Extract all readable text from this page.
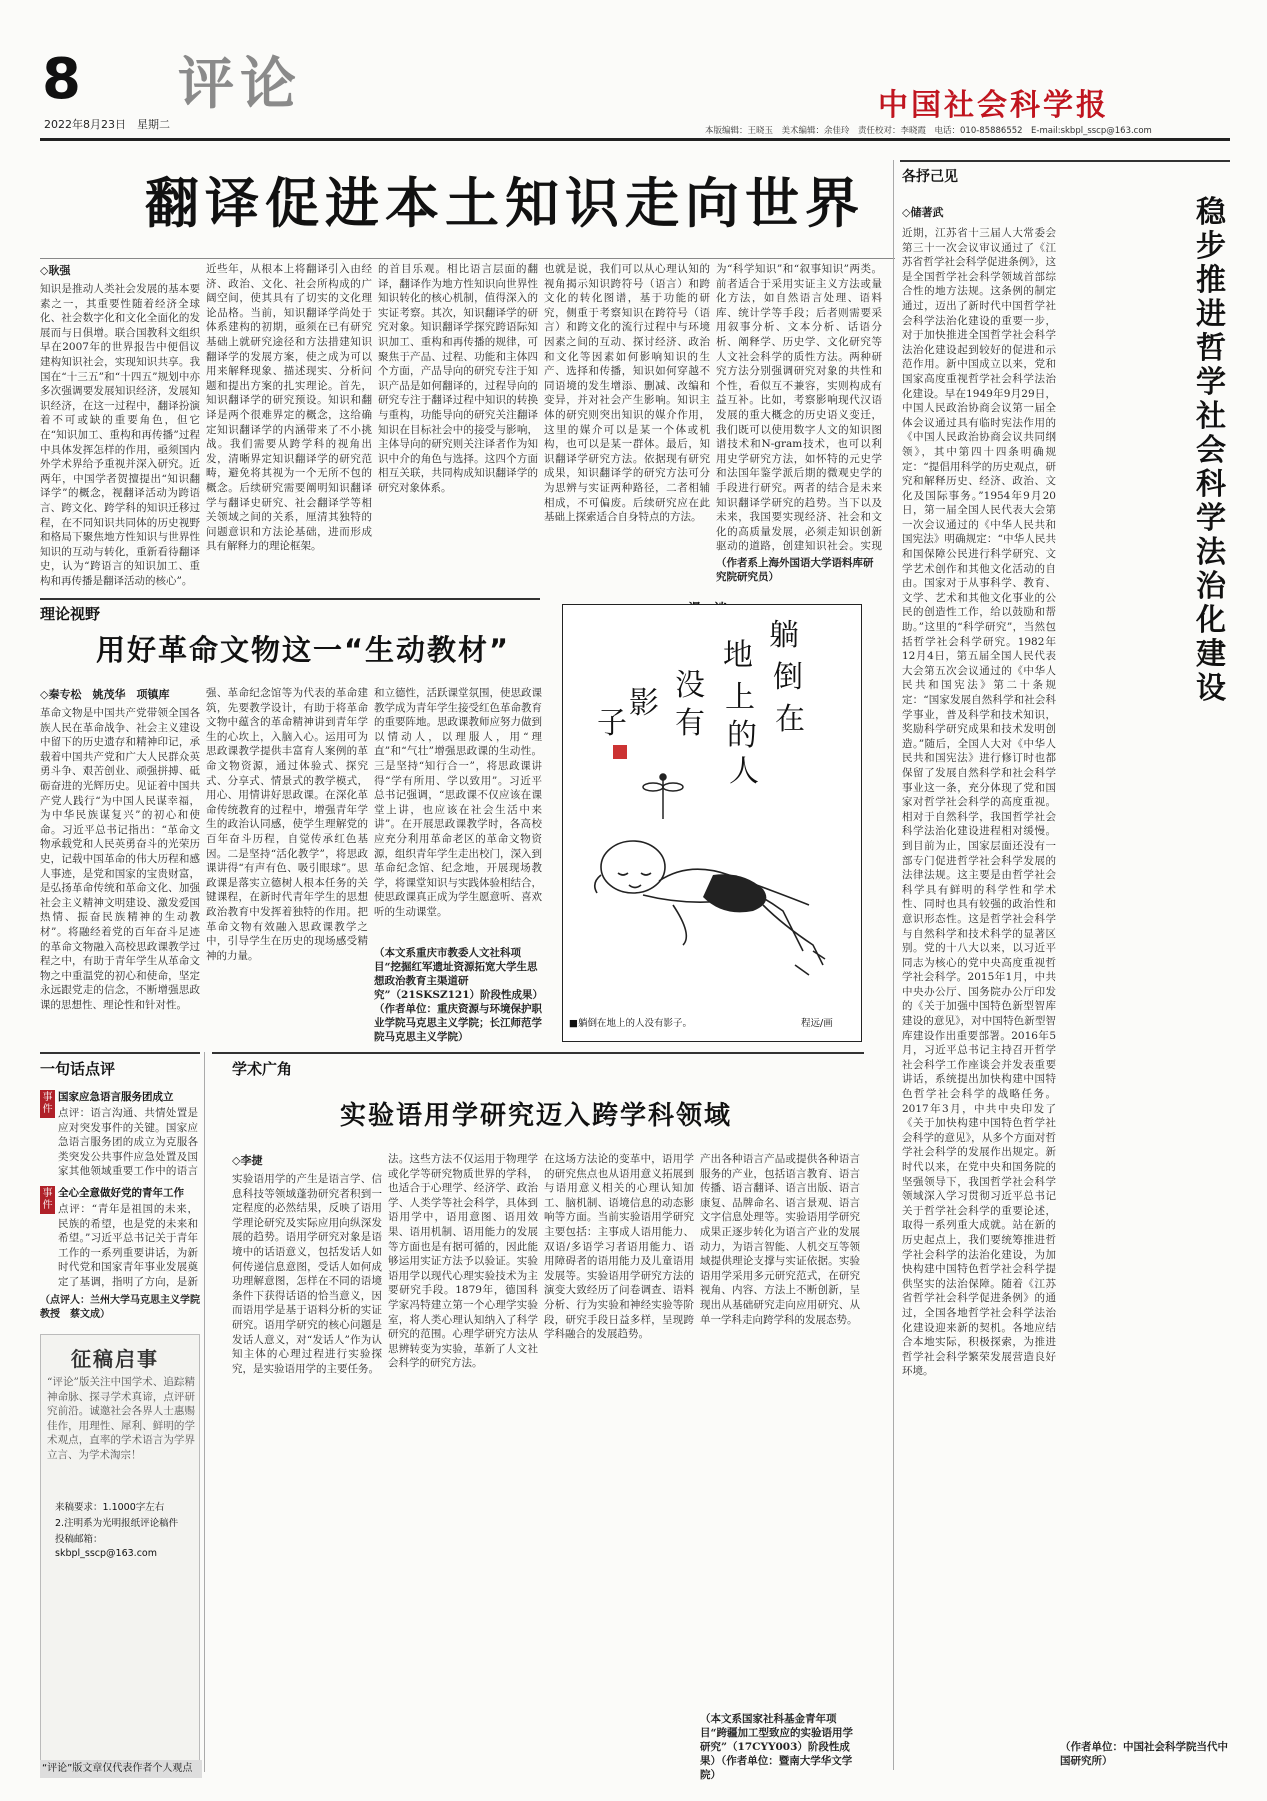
8 评论
2022年8月23日　星期二
中国社会科学报
本版编辑：王晓玉　美术编辑：余佳玲　责任校对：李晓霞　电话：010-85886552　E-mail:skbpl_sscp@163.com
翻译促进本土知识走向世界
◇耿强
知识是推动人类社会发展的基本要素之一，其重要性随着经济全球化、社会数字化和文化全面化的发展而与日俱增。联合国教科文组织早在2007年的世界报告中便倡议建构知识社会，实现知识共享。我国在“十三五”和“十四五”规划中亦多次强调要发展知识经济，发展知识经济，在这一过程中，翻译扮演着不可或缺的重要角色，但它在“知识加工、重构和再传播”过程中具体发挥怎样的作用，亟须国内外学术界给予重视并深入研究。近两年，中国学者贺擅提出“知识翻译学”的概念，视翻译活动为跨语言、跨文化、跨学科的知识迁移过程，在不同知识共同体的历史视野和格局下聚焦地方性知识与世界性知识的互动与转化，重新看待翻译史，认为“跨语言的知识加工、重构和再传播是翻译活动的核心”。
近些年，从根本上将翻译引入由经济、政治、文化、社会所构成的广阔空间，使其具有了切实的文化理论品格。当前，知识翻译学尚处于体系建构的初期，亟须在已有研究基础上就研究途径和方法措建知识翻译学的发展方案，使之成为可以用来解释现象、描述现实、分析问题和提出方案的扎实理论。首先，知识翻译学的研究预设。知识和翻译是两个很难界定的概念，这给确定知识翻译学的内涵带来了不小挑战。我们需要从跨学科的视角出发，清晰界定知识翻译学的研究范畴，避免将其视为一个无所不包的概念。后续研究需要阐明知识翻译学与翻译史研究、社会翻译学等相关领域之间的关系，厘清其独特的问题意识和方法论基础，进而形成具有解释力的理论框架。
的首目乐观。相比语言层面的翻译，翻译作为地方性知识向世界性知识转化的核心机制，值得深入的实证考察。其次，知识翻译学的研究对象。知识翻译学探究跨语际知识加工、重构和再传播的规律，可聚焦于产品、过程、功能和主体四个方面，产品导向的研究专注于知识产品是如何翻译的，过程导向的研究专注于翻译过程中知识的转换与重构，功能导向的研究关注翻译知识在目标社会中的接受与影响，主体导向的研究则关注译者作为知识中介的角色与选择。这四个方面相互关联，共同构成知识翻译学的研究对象体系。
也就是说，我们可以从心理认知的视角揭示知识跨符号（语言）和跨文化的转化图谱，基于功能的研究，侧重于考察知识在跨符号（语言）和跨文化的流行过程中与环境因素之间的互动、探讨经济、政治和文化等因素如何影响知识的生产、选择和传播，知识如何穿越不同语境的发生增添、删减、改编和变异，并对社会产生影响。知识主体的研究则突出知识的媒介作用，这里的媒介可以是某一个体或机构，也可以是某一群体。最后，知识翻译学研究方法。依据现有研究成果，知识翻译学的研究方法可分为思辨与实证两种路径，二者相辅相成，不可偏废。后续研究应在此基础上探索适合自身特点的方法。
为“科学知识”和“叙事知识”两类。前者适合于采用实证主义方法或量化方法，如自然语言处理、语料库、统计学等手段；后者则需要采用叙事分析、文本分析、话语分析、阐释学、历史学、文化研究等人文社会科学的质性方法。两种研究方法分别强调研究对象的共性和个性，看似互不兼容，实则构成有益互补。比如，考察影响现代汉语发展的重大概念的历史语义变迁，我们既可以使用数字人文的知识图谱技术和N-gram技术，也可以利用史学研究方法，如怀特的元史学和法国年鉴学派后期的微观史学的手段进行研究。两者的结合是未来知识翻译学研究的趋势。当下以及未来，我国要实现经济、社会和文化的高质量发展，必须走知识创新驱动的道路，创建知识社会。实现
（作者系上海外国语大学语料库研究院研究员）
理论视野
用好革命文物这一“生动教材”
◇秦专松　姚茂华　项镇库
革命文物是中国共产党带领全国各族人民在革命战争、社会主义建设中留下的历史遗存和精神印记，承载着中国共产党和广大人民群众英勇斗争、艰苦创业、顽强拼搏、砥砺奋进的光辉历史。见证着中国共产党人践行“为中国人民谋幸福，为中华民族谋复兴”的初心和使命。习近平总书记指出：“革命文物承载党和人民英勇奋斗的光荣历史，记载中国革命的伟大历程和感人事迹，是党和国家的宝贵财富，是弘扬革命传统和革命文化、加强社会主义精神文明建设、激发爱国热情、振奋民族精神的生动教材”。将融经着党的百年奋斗足迹的革命文物融入高校思政课教学过程之中，有助于青年学生从革命文物之中重温党的初心和使命，坚定永远跟党走的信念，不断增强思政课的思想性、理论性和针对性。
强、革命纪念馆等为代表的革命建筑，先要教学设计，有助于将革命文物中蕴含的革命精神讲到青年学生的心坎上，入脑入心。运用可为思政课教学提供丰富育人案例的革命文物资源，通过体验式、探究式、分享式、情景式的教学模式，用心、用情讲好思政课。在深化革命传统教育的过程中，增强青年学生的政治认同感，使学生理解党的百年奋斗历程，自觉传承红色基因。二是坚持“活化教学”，将思政课讲得“有声有色、吸引眼球”。思政课是落实立德树人根本任务的关键课程，在新时代青年学生的思想政治教育中发挥着独特的作用。把革命文物有效融入思政课教学之中，引导学生在历史的现场感受精神的力量。
和立德性，活跃课堂氛围，使思政课教学成为青年学生接受红色革命教育的重要阵地。思政课教师应努力做到以情动人，以理服人，用“理直”和“气壮”增强思政课的生动性。三是坚持“知行合一”，将思政课讲得“学有所用、学以致用”。习近平总书记强调，“思政课不仅应该在课堂上讲，也应该在社会生活中来讲”。在开展思政课教学时，各高校应充分利用革命老区的革命文物资源，组织青年学生走出校门，深入到革命纪念馆、纪念地，开展现场教学，将课堂知识与实践体验相结合，使思政课真正成为学生愿意听、喜欢听的生动课堂。
（本文系重庆市教委人文社科项目“挖掘红军遗址资源拓宽大学生思想政治教育主渠道研究”（21SKSZ121）阶段性成果）（作者单位：重庆资源与环境保护职业学院马克思主义学院；长江师范学院马克思主义学院）
躺
倒
在
地
上
的
人
没
有
影
子
■躺倒在地上的人没有影子。	程远/画
各抒己见
◇储著武	稳步推进哲学社会科学法治化建设
近期，江苏省十三届人大常委会第三十一次会议审议通过了《江苏省哲学社会科学促进条例》，这是全国哲学社会科学领域首部综合性的地方法规。这条例的制定通过，迈出了新时代中国哲学社会科学法治化建设的重要一步，对于加快推进全国哲学社会科学法治化建设起到较好的促进和示范作用。新中国成立以来，党和国家高度重视哲学社会科学法治化建设。早在1949年9月29日，中国人民政治协商会议第一届全体会议通过具有临时宪法作用的《中国人民政治协商会议共同纲领》，其中第四十四条明确规定：“提倡用科学的历史观点，研究和解释历史、经济、政治、文化及国际事务。”1954年9月20日，第一届全国人民代表大会第一次会议通过的《中华人民共和国宪法》明确规定：“中华人民共和国保障公民进行科学研究、文学艺术创作和其他文化活动的自由。国家对于从事科学、教育、文学、艺术和其他文化事业的公民的创造性工作，给以鼓励和帮助。”这里的“科学研究”，当然包括哲学社会科学研究。1982年12月4日，第五届全国人民代表大会第五次会议通过的《中华人民共和国宪法》第二十条规定：“国家发展自然科学和社会科学事业，普及科学和技术知识，奖励科学研究成果和技术发明创造。”随后，全国人大对《中华人民共和国宪法》进行修订时也都保留了发展自然科学和社会科学事业这一条，充分体现了党和国家对哲学社会科学的高度重视。相对于自然科学，我国哲学社会科学法治化建设进程相对缓慢。到目前为止，国家层面还没有一部专门促进哲学社会科学发展的法律法规。这主要是由哲学社会科学具有鲜明的科学性和学术性、同时也具有较强的政治性和意识形态性。这是哲学社会科学与自然科学和技术科学的显著区别。党的十八大以来，以习近平同志为核心的党中央高度重视哲学社会科学。2015年1月，中共中央办公厅、国务院办公厅印发的《关于加强中国特色新型智库建设的意见》，对中国特色新型智库建设作出重要部署。2016年5月，习近平总书记主持召开哲学社会科学工作座谈会并发表重要讲话，系统提出加快构建中国特色哲学社会科学的战略任务。2017年3月，中共中央印发了《关于加快构建中国特色哲学社会科学的意见》，从多个方面对哲学社会科学的发展作出规定。新时代以来，在党中央和国务院的坚强领导下，我国哲学社会科学领域深入学习贯彻习近平总书记关于哲学社会科学的重要论述，取得一系列重大成就。站在新的历史起点上，我们要统筹推进哲学社会科学的法治化建设，为加快构建中国特色哲学社会科学提供坚实的法治保障。随着《江苏省哲学社会科学促进条例》的通过，全国各地哲学社会科学法治化建设迎来新的契机。各地应结合本地实际，积极探索，为推进哲学社会科学繁荣发展营造良好环境。
（作者单位：中国社会科学院当代中国研究所）
一句话点评
事件
国家应急语言服务团成立
点评：语言沟通、共情处置是应对突发事件的关键。国家应急语言服务团的成立为克服各类突发公共事件应急处置及国家其他领域重要工作中的语言
事件
全心全意做好党的青年工作
点评：“青年是祖国的未来，民族的希望，也是党的未来和希望。”习近平总书记关于青年工作的一系列重要讲话，为新时代党和国家青年事业发展奠定了基调，指明了方向，是新
（点评人：兰州大学马克思主义学院教授　蔡文成）
征稿启事
“评论”版关注中国学术、追踪精神命脉、探寻学术真谛，点评研究前沿。诚邀社会各界人士惠赐佳作，用理性、犀利、鲜明的学术观点，直率的学术语言为学界立言、为学术淘宗！
来稿要求：1.1000字左右
2.注明系为光明报纸评论稿件
投稿邮箱：skbpl_sscp@163.com
“评论”版文章仅代表作者个人观点
学术广角
实验语用学研究迈入跨学科领域
◇李捷
实验语用学的产生是语言学、信息科技等领域蓬勃研究者积到一定程度的必然结果，反映了语用学理论研究及实际应用向纵深发展的趋势。语用学研究对象是语境中的话语意义，包括发话人如何传递信息意图，受话人如何成功理解意图，怎样在不同的语境条件下获得话语的恰当意义，因而语用学是基于语料分析的实证研究。语用学研究的核心问题是发话人意义，对“发话人”作为认知主体的心理过程进行实验探究，是实验语用学的主要任务。
法。这些方法不仅运用于物理学或化学等研究物质世界的学科，也适合于心理学、经济学、政治学、人类学等社会科学，具体到语用学中，语用意图、语用效果、语用机制、语用能力的发展等方面也是有据可循的，因此能够运用实证方法予以验证。实验语用学以现代心理实验技术为主要研究手段。1879年，德国科学家冯特建立第一个心理学实验室，将人类心理认知纳入了科学研究的范围。心理学研究方法从思辨转变为实验，革新了人文社会科学的研究方法。
在这场方法论的变革中，语用学的研究焦点也从语用意义拓展到与语用意义相关的心理认知加工、脑机制、语境信息的动态影响等方面。当前实验语用学研究主要包括：主事成人语用能力、双语/多语学习者语用能力、语用障碍者的语用能力及儿童语用发展等。实验语用学研究方法的演变大致经历了问卷调查、语料分析、行为实验和神经实验等阶段，研究手段日益多样，呈现跨学科融合的发展趋势。
产出各种语言产品或提供各种语言服务的产业，包括语言教育、语言传播、语言翻译、语言出版、语言康复、品牌命名、语言景观、语言文字信息处理等。实验语用学研究成果正逐步转化为语言产业的发展动力，为语言智能、人机交互等领域提供理论支撑与实证依据。实验语用学采用多元研究范式，在研究视角、内容、方法上不断创新，呈现出从基础研究走向应用研究、从单一学科走向跨学科的发展态势。
（本文系国家社科基金青年项目“跨疆加工型致应的实验语用学研究”（17CYY003）阶段性成果）（作者单位：暨南大学华文学院）
